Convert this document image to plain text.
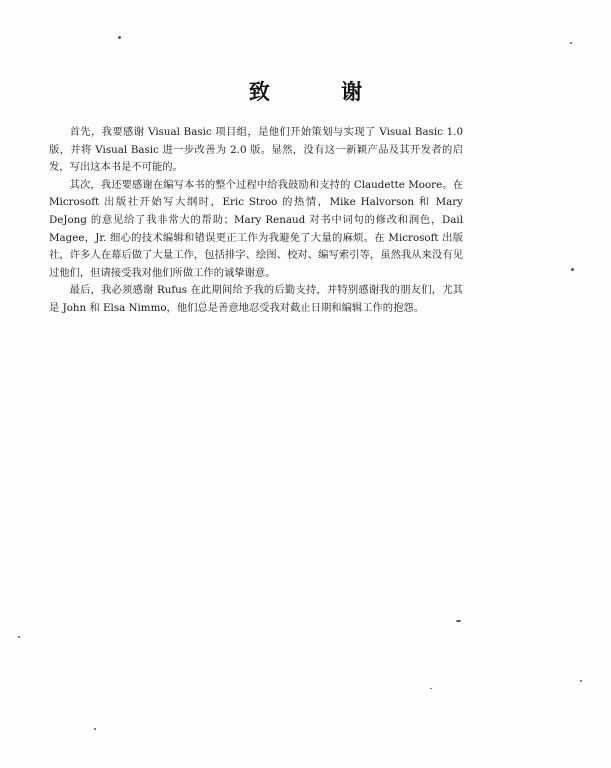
致 谢

首先，我要感谢 Visual Basic 项目组，是他们开始策划与实现了 Visual Basic 1.0 版，并将 Visual Basic 进一步改善为 2.0 版。显然，没有这一新颖产品及其开发者的启发，写出这本书是不可能的。

其次，我还要感谢在编写本书的整个过程中给我鼓励和支持的 Claudette Moore。在 Microsoft 出版社开始写大纲时，Eric Stroo 的热情，Mike Halvorson 和 Mary DeJong 的意见给了我非常大的帮助；Mary Renaud 对书中词句的修改和润色，Dail Magee，Jr. 细心的技术编辑和错误更正工作为我避免了大量的麻烦。在 Microsoft 出版社，许多人在幕后做了大量工作，包括排字、绘图、校对、编写索引等，虽然我从来没有见过他们，但请接受我对他们所做工作的诚挚谢意。

最后，我必须感谢 Rufus 在此期间给予我的后勤支持，并特别感谢我的朋友们，尤其是 John 和 Elsa Nimmo，他们总是善意地忍受我对截止日期和编辑工作的抱怨。
